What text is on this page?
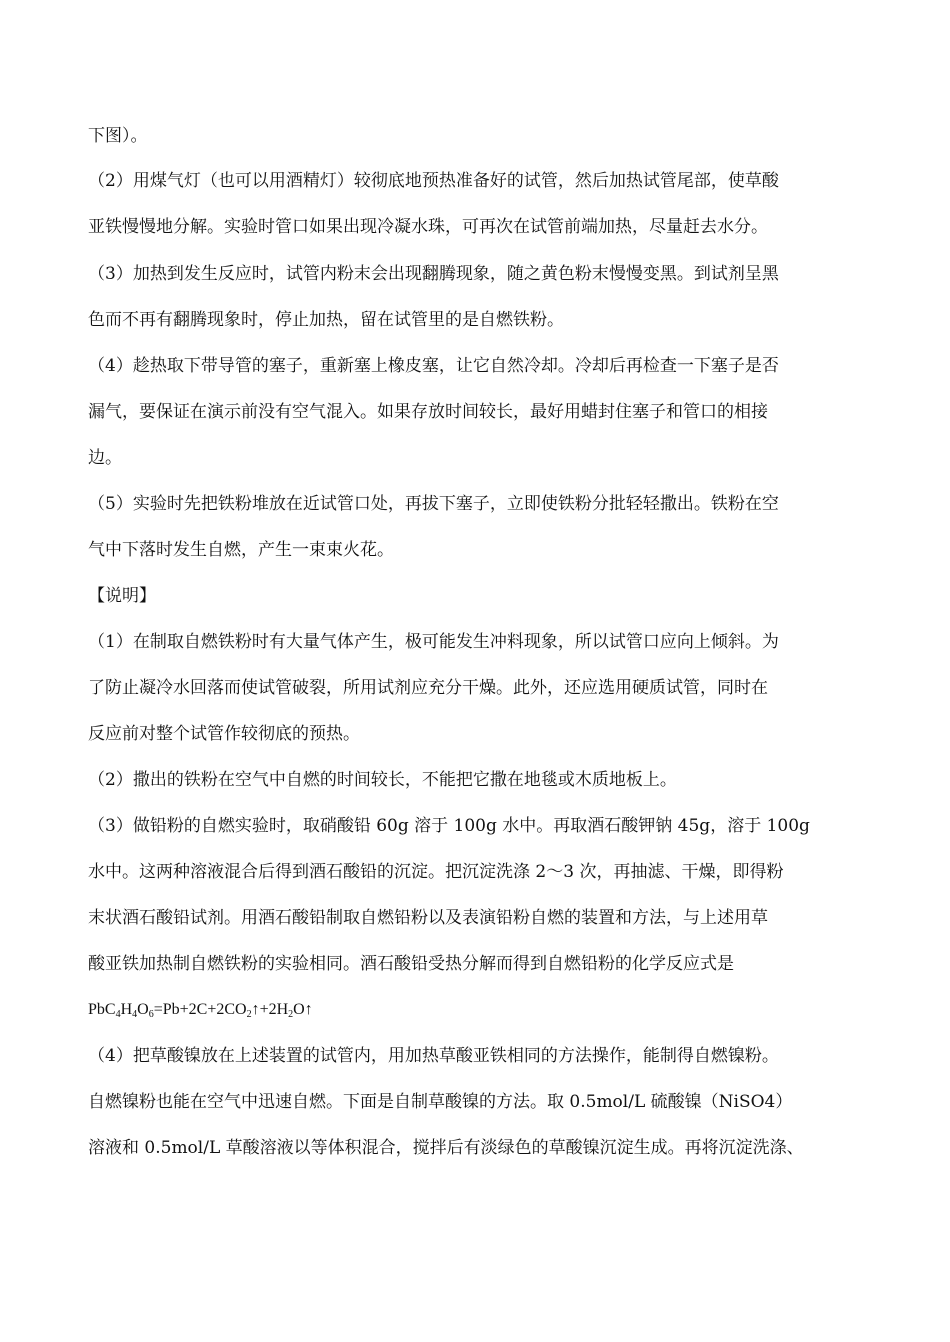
下图）。
（2）用煤气灯（也可以用酒精灯）较彻底地预热准备好的试管，然后加热试管尾部，使草酸
亚铁慢慢地分解。实验时管口如果出现冷凝水珠，可再次在试管前端加热，尽量赶去水分。
（3）加热到发生反应时，试管内粉末会出现翻腾现象，随之黄色粉末慢慢变黑。到试剂呈黑
色而不再有翻腾现象时，停止加热，留在试管里的是自燃铁粉。
（4）趁热取下带导管的塞子，重新塞上橡皮塞，让它自然冷却。冷却后再检查一下塞子是否
漏气，要保证在演示前没有空气混入。如果存放时间较长，最好用蜡封住塞子和管口的相接
边。
（5）实验时先把铁粉堆放在近试管口处，再拔下塞子，立即使铁粉分批轻轻撒出。铁粉在空
气中下落时发生自燃，产生一束束火花。
【说明】
（1）在制取自燃铁粉时有大量气体产生，极可能发生冲料现象，所以试管口应向上倾斜。为
了防止凝冷水回落而使试管破裂，所用试剂应充分干燥。此外，还应选用硬质试管，同时在
反应前对整个试管作较彻底的预热。
（2）撒出的铁粉在空气中自燃的时间较长，不能把它撒在地毯或木质地板上。
（3）做铅粉的自燃实验时，取硝酸铅 60g 溶于 100g 水中。再取酒石酸钾钠 45g，溶于 100g
水中。这两种溶液混合后得到酒石酸铅的沉淀。把沉淀洗涤 2～3 次，再抽滤、干燥，即得粉
末状酒石酸铅试剂。用酒石酸铅制取自燃铅粉以及表演铅粉自燃的装置和方法，与上述用草
酸亚铁加热制自燃铁粉的实验相同。酒石酸铅受热分解而得到自燃铅粉的化学反应式是
$PbC_4H_4O_6=Pb+2C+2CO_2↑+2H_2O↑$
（4）把草酸镍放在上述装置的试管内，用加热草酸亚铁相同的方法操作，能制得自燃镍粉。
自燃镍粉也能在空气中迅速自燃。下面是自制草酸镍的方法。取 0.5mol/L 硫酸镍（NiSO4）
溶液和 0.5mol/L 草酸溶液以等体积混合，搅拌后有淡绿色的草酸镍沉淀生成。再将沉淀洗涤、
